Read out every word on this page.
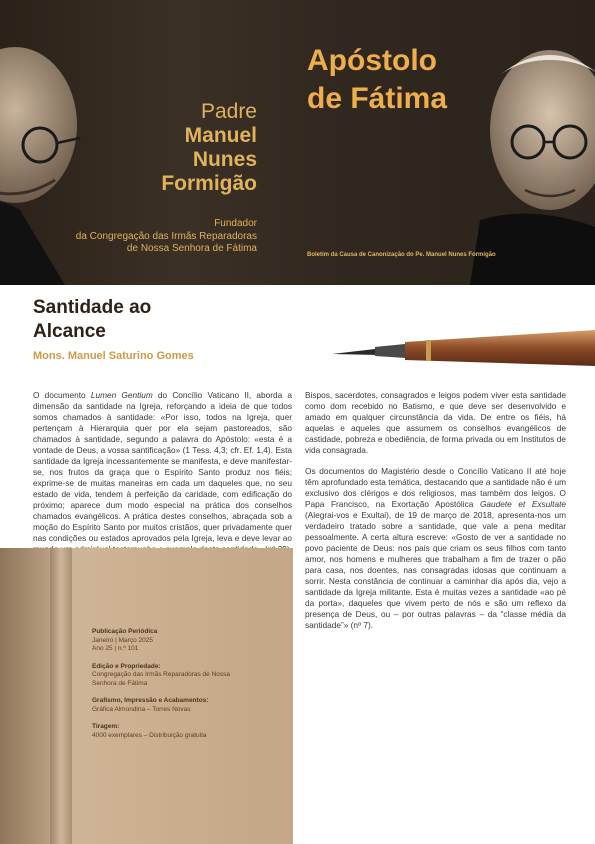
Padre
Manuel
Nunes
Formigão
Fundador
da Congregação das Irmãs Reparadoras
de Nossa Senhora de Fátima
Apóstolo
de Fátima
Boletim da Causa de Canonização do Pe. Manuel Nunes Formigão
Santidade ao
Alcance
Mons. Manuel Saturino Gomes

O documento Lumen Gentium do Concílio Vaticano II, aborda a dimensão da santidade na Igreja, reforçando a ideia de que todos somos chamados à santidade: «Por isso, todos na Igreja, quer pertençam à Hierarquia quer por ela sejam pastoreados, são chamados à santidade, segundo a palavra do Apóstolo: «esta é a vontade de Deus, a vossa santificação» (1 Tess. 4,3; cfr. Ef. 1,4). Esta santidade da Igreja incessantemente se manifesta, e deve manifestar-se, nos frutos da graça que o Espírito Santo produz nos fiéis; exprime-se de muitas maneiras em cada um daqueles que, no seu estado de vida, tendem à perfeição da caridade, com edificação do próximo; aparece dum modo especial na prática dos conselhos chamados evangélicos. A prática destes conselhos, abraçada sob a moção do Espírito Santo por muitos cristãos, quer privadamente quer nas condições ou estados aprovados pela Igreja, leva e deve levar ao

Bispos, sacerdotes, consagrados e leigos podem viver esta santidade como dom recebido no Batismo, e que deve ser desenvolvido e amado em qualquer circunstância da vida. De entre os fiéis, há aquelas e aqueles que assumem os conselhos evangélicos de castidade, pobreza e obediência, de forma privada ou em Institutos de vida consagrada.

Os documentos do Magistério desde o Concílio Vaticano II até hoje têm aprofundado esta temática, destacando que a santidade não é um exclusivo dos clérigos e dos religiosos, mas também dos leigos. O Papa Francisco, na Exortação Apostólica Gaudete et Exsultate (Alegrai-vos e Exultai), de 19 de março de 2018, apresenta-nos um verdadeiro tratado sobre a santidade, que vale a pena meditar pessoalmente. A certa altura escreve: «Gosto de ver a santidade no povo paciente de Deus: nos pais que criam os seus filhos com tanto amor, nos homens e mulheres que trabalham a fim de trazer o pão para casa, nos doentes, nas consagradas idosas que continuam a sorrir. Nesta constância de continuar a caminhar dia após dia, vejo a santidade da Igreja militante. Esta é muitas vezes a santidade «ao pé da porta», daqueles que vivem perto de nós e são um reflexo da presença de Deus, ou – por outras palavras – da “classe média da santidade”» (nº 7).

Publicação Periódica
Janeiro | Março 2025
Ano 25 | n.º 101
Edição e Propriedade:
Congregação das Irmãs Reparadoras de Nossa
Senhora de Fátima
Grafismo, Impressão e Acabamentos:
Gráfica Almondina – Torres Novas
Tiragem:
4000 exemplares – Distribuição gratuita
